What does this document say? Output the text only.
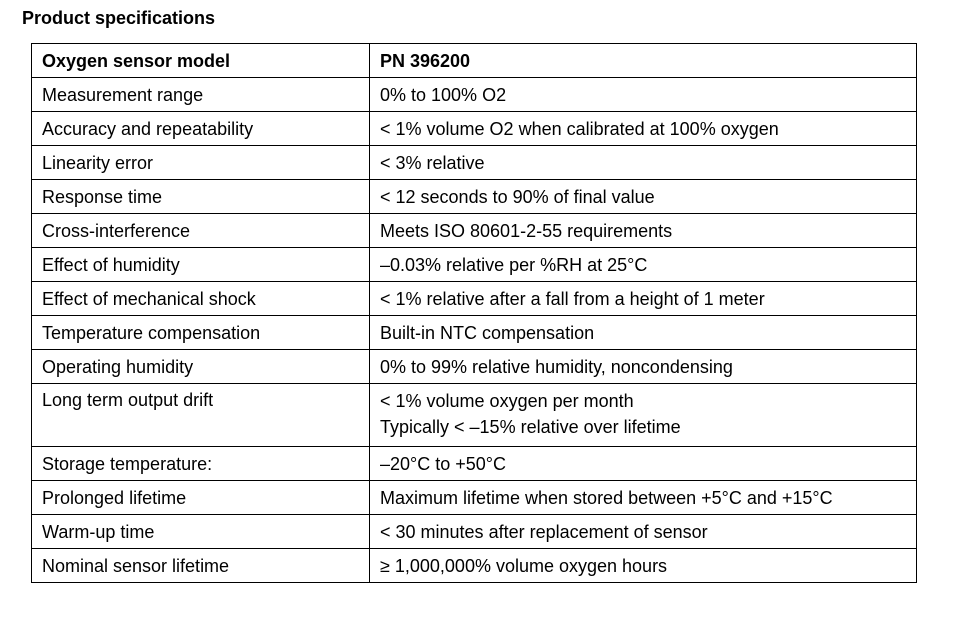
Product specifications
Oxygen sensor model	PN 396200
Measurement range	0% to 100% O2
Accuracy and repeatability	< 1% volume O2 when calibrated at 100% oxygen
Linearity error	< 3% relative
Response time	< 12 seconds to 90% of final value
Cross-interference	Meets ISO 80601-2-55 requirements
Effect of humidity	–0.03% relative per %RH at 25°C
Effect of mechanical shock	< 1% relative after a fall from a height of 1 meter
Temperature compensation	Built-in NTC compensation
Operating humidity	0% to 99% relative humidity, noncondensing
Long term output drift	< 1% volume oxygen per month
Typically < –15% relative over lifetime

Storage temperature:	–20°C to +50°C
Prolonged lifetime	Maximum lifetime when stored between +5°C and +15°C
Warm-up time	< 30 minutes after replacement of sensor
Nominal sensor lifetime	≥ 1,000,000% volume oxygen hours
